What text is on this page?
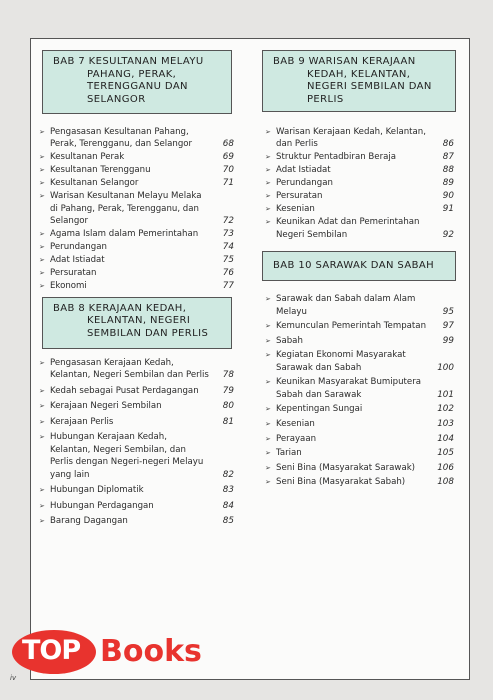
BAB 7 KESULTANAN MELAYU
PAHANG, PERAK,
TERENGGANU DAN
SELANGOR
➢ Pengasasan Kesultanan Pahang, Perak, Terengganu, dan Selangor	68
➢ Kesultanan Perak	69
➢ Kesultanan Terengganu	70
➢ Kesultanan Selangor	71
➢ Warisan Kesultanan Melayu Melaka di Pahang, Perak, Terengganu, dan Selangor	72
➢ Agama Islam dalam Pemerintahan	73
➢ Perundangan	74
➢ Adat Istiadat	75
➢ Persuratan	76
➢ Ekonomi	77
BAB 8 KERAJAAN KEDAH,
KELANTAN, NEGERI
SEMBILAN DAN PERLIS
➢ Pengasasan Kerajaan Kedah, Kelantan, Negeri Sembilan dan Perlis 78
➢ Kedah sebagai Pusat Perdagangan	79
➢ Kerajaan Negeri Sembilan	80
➢ Kerajaan Perlis	81
➢ Hubungan Kerajaan Kedah, Kelantan, Negeri Sembilan, dan Perlis dengan Negeri-negeri Melayu yang lain	82
➢ Hubungan Diplomatik	83
➢ Hubungan Perdagangan	84
➢ Barang Dagangan	85
BAB 9 WARISAN KERAJAAN
KEDAH, KELANTAN,
NEGERI SEMBILAN DAN
PERLIS
➢ Warisan Kerajaan Kedah, Kelantan, dan Perlis	86
➢ Struktur Pentadbiran Beraja	87
➢ Adat Istiadat	88
➢ Perundangan	89
➢ Persuratan	90
➢ Kesenian	91
➢ Keunikan Adat dan Pemerintahan Negeri Sembilan	92
BAB 10 SARAWAK DAN SABAH
➢ Sarawak dan Sabah dalam Alam Melayu	95
➢ Kemunculan Pemerintah Tempatan 97
➢ Sabah	99
➢ Kegiatan Ekonomi Masyarakat Sarawak dan Sabah	100
➢ Keunikan Masyarakat Bumiputera Sabah dan Sarawak	101
➢ Kepentingan Sungai	102
➢ Kesenian	103
➢ Perayaan	104
➢ Tarian	105
➢ Seni Bina (Masyarakat Sarawak)	106
➢ Seni Bina (Masyarakat Sabah)	108
TOP Books
iv
